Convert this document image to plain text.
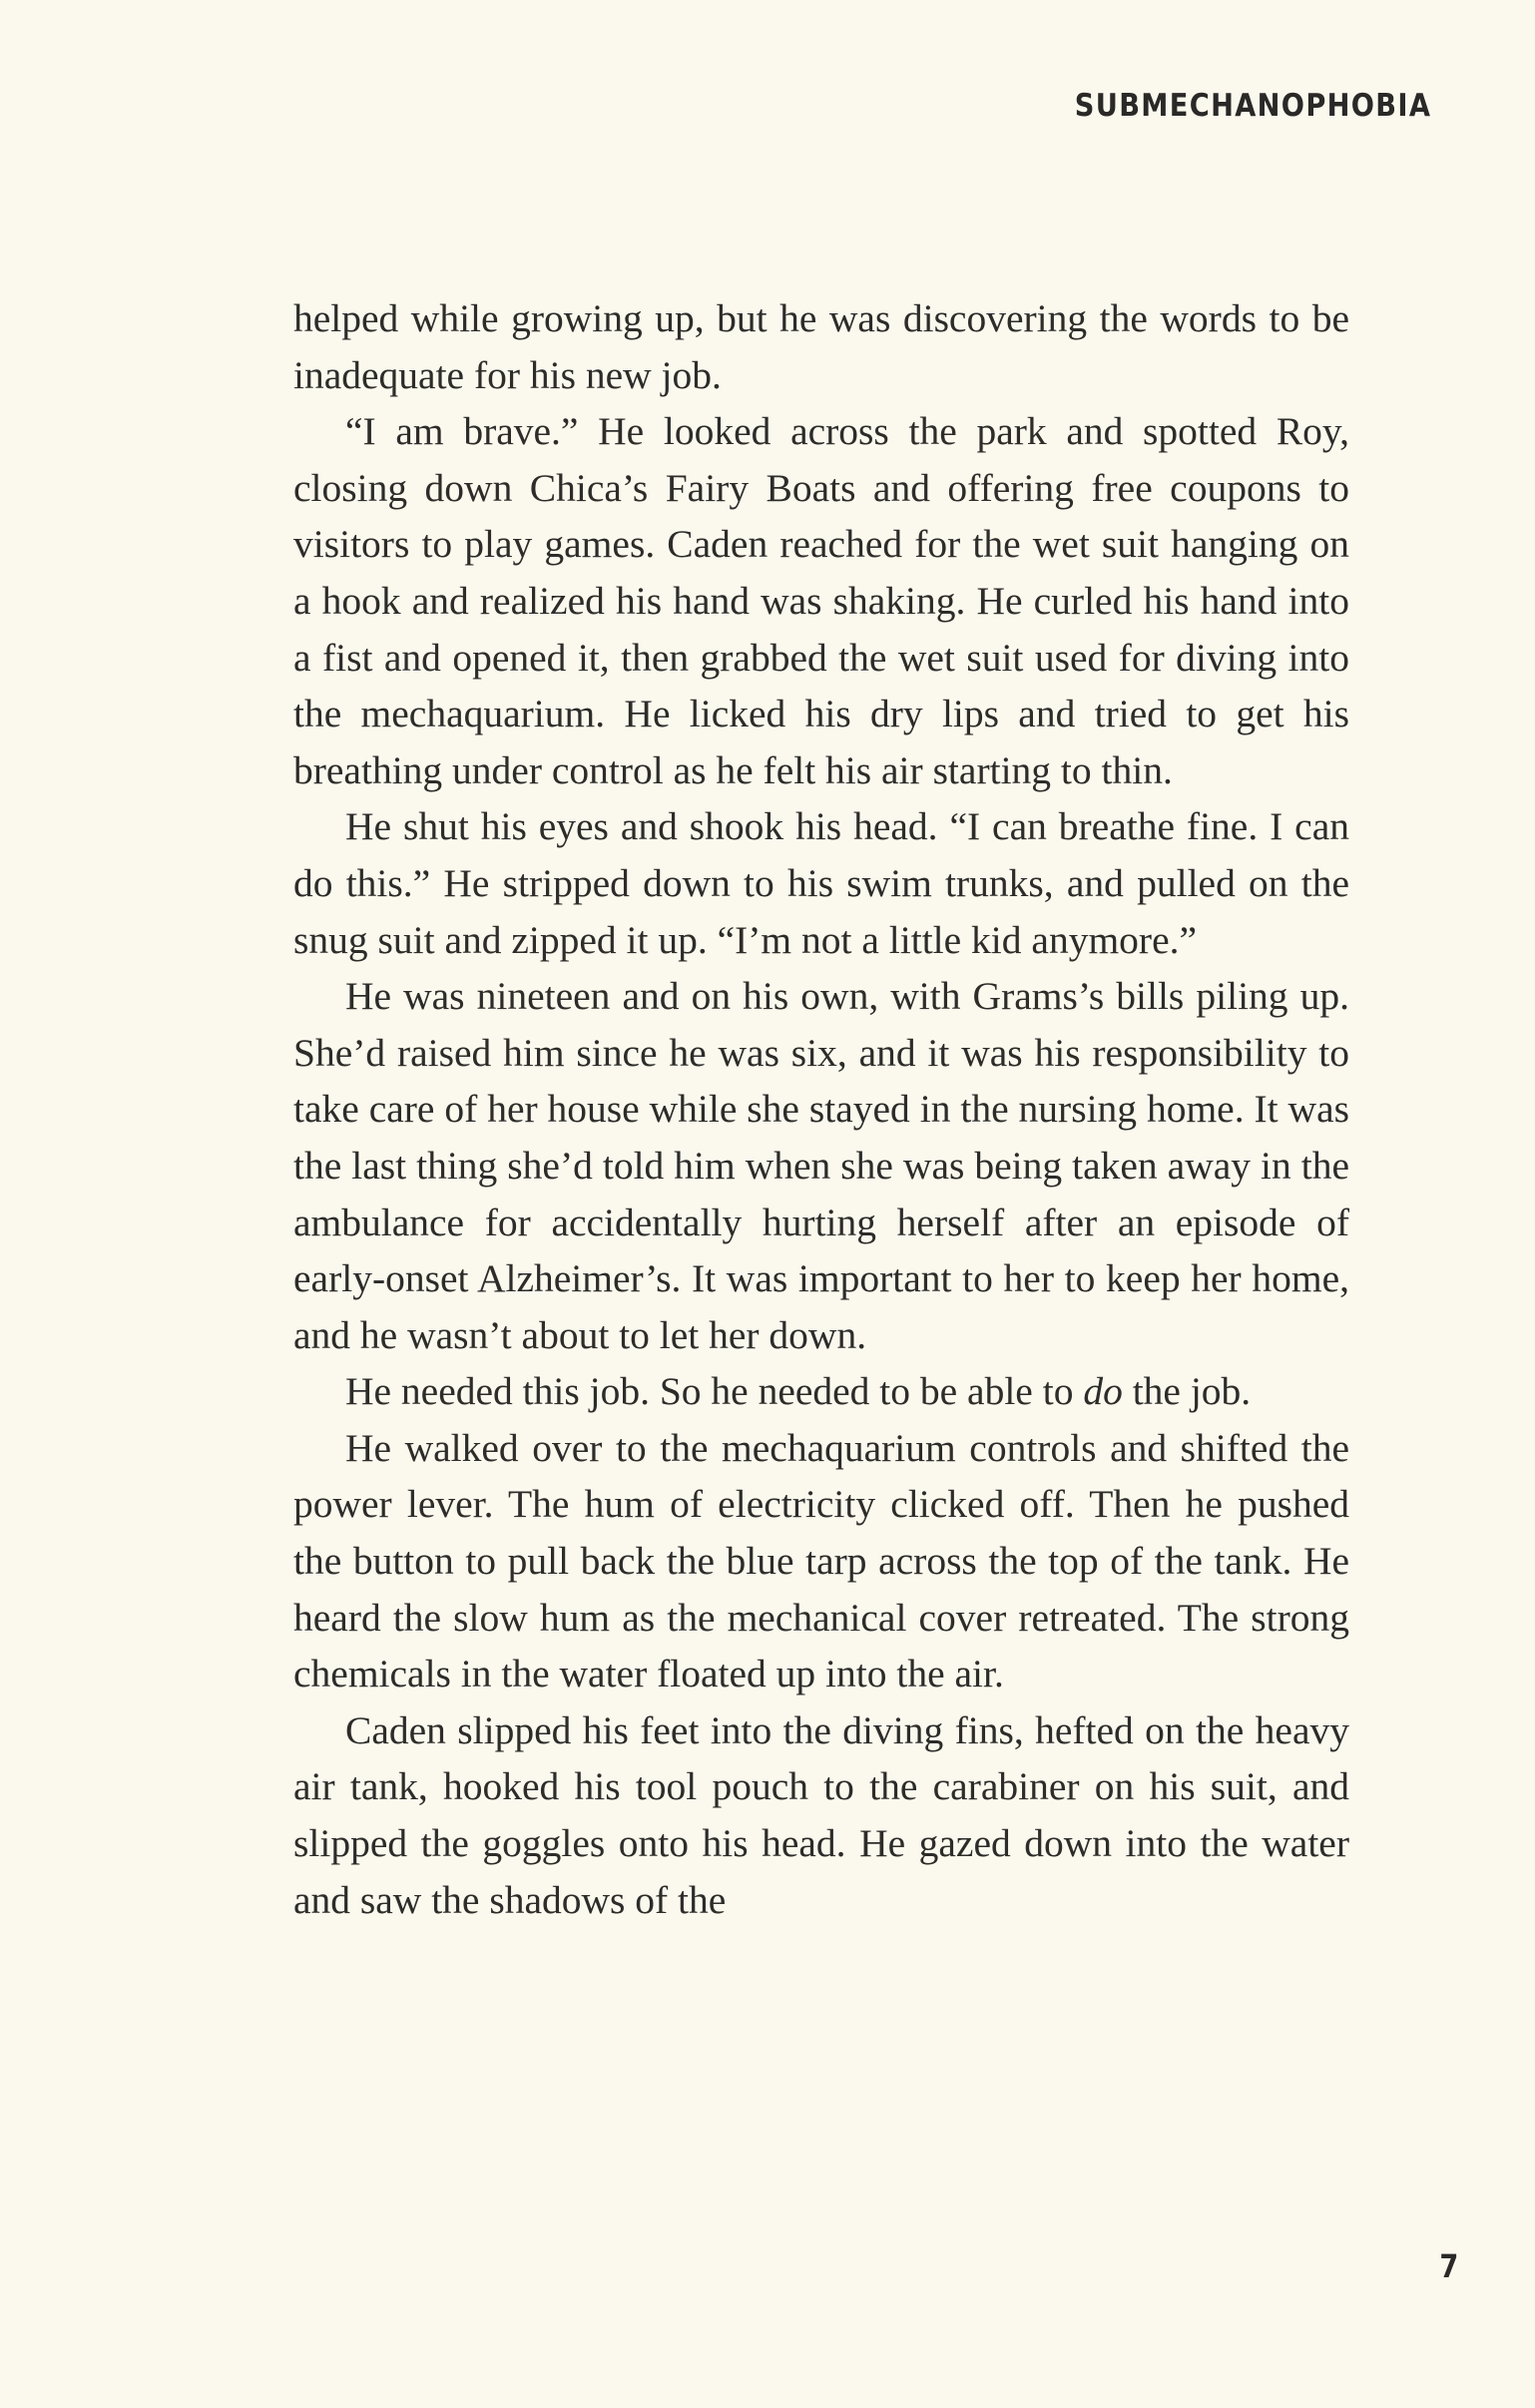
SUBMECHANOPHOBIA

helped while growing up, but he was discovering the words to be inadequate for his new job.

“I am brave.” He looked across the park and spotted Roy, closing down Chica’s Fairy Boats and offering free coupons to visitors to play games. Caden reached for the wet suit hanging on a hook and realized his hand was shaking. He curled his hand into a fist and opened it, then grabbed the wet suit used for diving into the mechaquarium. He licked his dry lips and tried to get his breathing under control as he felt his air starting to thin.

He shut his eyes and shook his head. “I can breathe fine. I can do this.” He stripped down to his swim trunks, and pulled on the snug suit and zipped it up. “I’m not a little kid anymore.”

He was nineteen and on his own, with Grams’s bills piling up. She’d raised him since he was six, and it was his responsibility to take care of her house while she stayed in the nursing home. It was the last thing she’d told him when she was being taken away in the ambulance for accidentally hurting herself after an episode of early-onset Alzheimer’s. It was important to her to keep her home, and he wasn’t about to let her down.

He needed this job. So he needed to be able to do the job.

He walked over to the mechaquarium controls and shifted the power lever. The hum of electricity clicked off. Then he pushed the button to pull back the blue tarp across the top of the tank. He heard the slow hum as the mechanical cover retreated. The strong chemicals in the water floated up into the air.

Caden slipped his feet into the diving fins, hefted on the heavy air tank, hooked his tool pouch to the carabiner on his suit, and slipped the goggles onto his head. He gazed down into the water and saw the shadows of the

7
